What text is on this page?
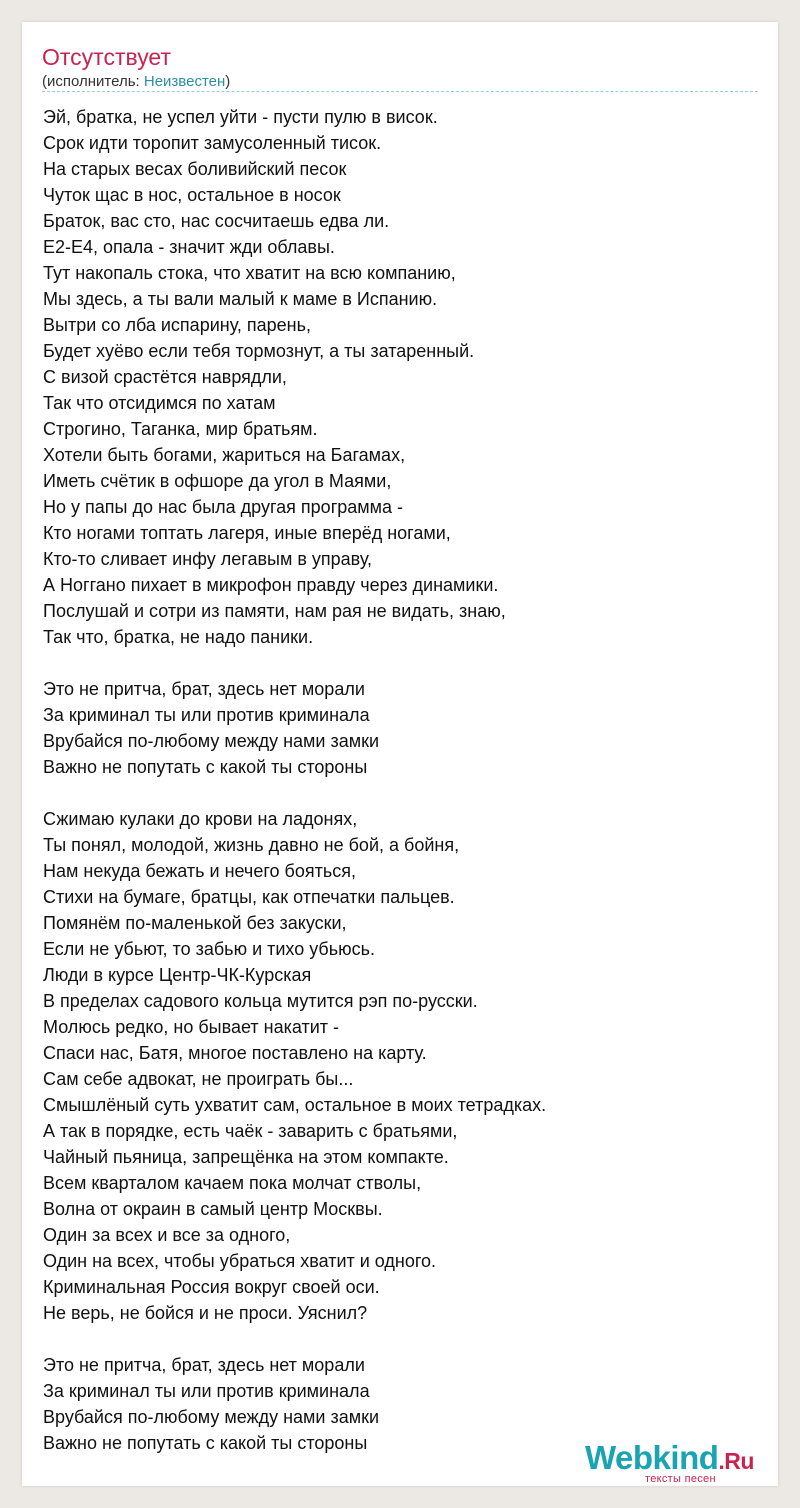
Отсутствует
(исполнитель: Неизвестен)
Эй, братка, не успел уйти - пусти пулю в висок.
Срок идти торопит замусоленный тисок.
На старых весах боливийский песок
Чуток щас в нос, остальное в носок
Браток, вас сто, нас сосчитаешь едва ли.
Е2-Е4, опала - значит жди облавы.
Тут накопаль стока, что хватит на всю компанию,
Мы здесь, а ты вали малый к маме в Испанию.
Вытри со лба испарину, парень,
Будет хуёво если тебя тормознут, а ты затаренный.
С визой срастётся наврядли,
Так что отсидимся по хатам
Строгино, Таганка, мир братьям.
Хотели быть богами, жариться на Багамах,
Иметь счётик в офшоре да угол в Маями,
Но у папы до нас была другая программа -
Кто ногами топтать лагеря, иные вперёд ногами,
Кто-то сливает инфу легавым в управу,
А Ноггано пихает в микрофон правду через динамики.
Послушай и сотри из памяти, нам рая не видать, знаю,
Так что, братка, не надо паники.
Это не притча, брат, здесь нет морали
За криминал ты или против криминала
Врубайся по-любому между нами замки
Важно не попутать с какой ты стороны
Сжимаю кулаки до крови на ладонях,
Ты понял, молодой, жизнь давно не бой, а бойня,
Нам некуда бежать и нечего бояться,
Стихи на бумаге, братцы, как отпечатки пальцев.
Помянём по-маленькой без закуски,
Если не убьют, то забью и тихо убьюсь.
Люди в курсе Центр-ЧК-Курская
В пределах садового кольца мутится рэп по-русски.
Молюсь редко, но бывает накатит -
Спаси нас, Батя, многое поставлено на карту.
Сам себе адвокат, не проиграть бы...
Смышлёный суть ухватит сам, остальное в моих тетрадках.
А так в порядке, есть чаёк - заварить с братьями,
Чайный пьяница, запрещёнка на этом компакте.
Всем кварталом качаем пока молчат стволы,
Волна от окраин в самый центр Москвы.
Один за всех и все за одного,
Один на всех, чтобы убраться хватит и одного.
Криминальная Россия вокруг своей оси.
Не верь, не бойся и не проси. Уяснил?
Это не притча, брат, здесь нет морали
За криминал ты или против криминала
Врубайся по-любому между нами замки
Важно не попутать с какой ты стороны	Webkind.Ru
тексты песен
